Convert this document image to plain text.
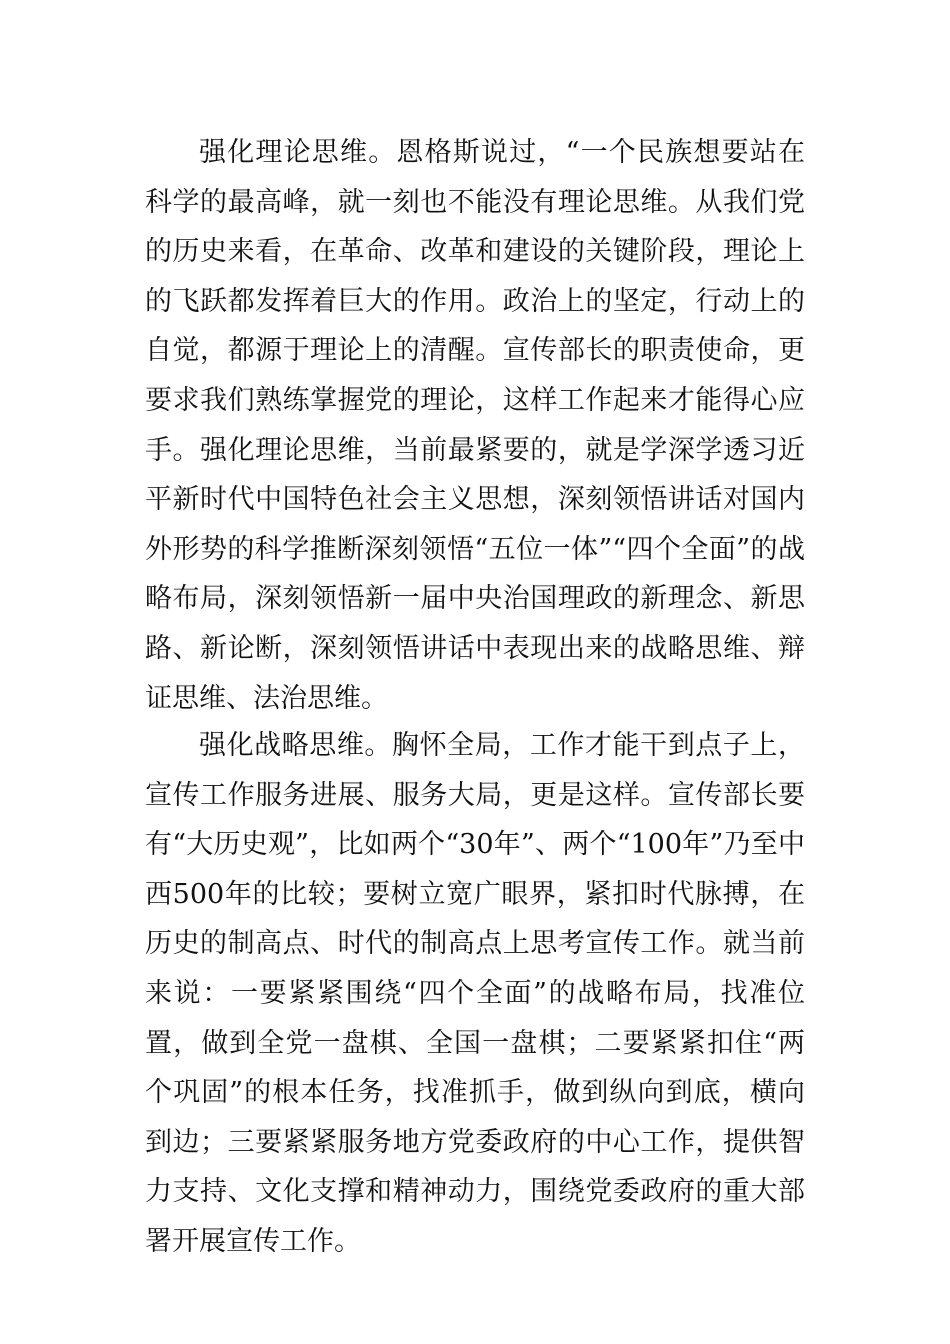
强化理论思维。恩格斯说过，“一个民族想要站在科学的最高峰，就一刻也不能没有理论思维。从我们党的历史来看，在革命、改革和建设的关键阶段，理论上的飞跃都发挥着巨大的作用。政治上的坚定，行动上的自觉，都源于理论上的清醒。宣传部长的职责使命，更要求我们熟练掌握党的理论，这样工作起来才能得心应手。强化理论思维，当前最紧要的，就是学深学透习近平新时代中国特色社会主义思想，深刻领悟讲话对国内外形势的科学推断深刻领悟“五位一体”“四个全面”的战略布局，深刻领悟新一届中央治国理政的新理念、新思路、新论断，深刻领悟讲话中表现出来的战略思维、辩证思维、法治思维。

强化战略思维。胸怀全局，工作才能干到点子上，宣传工作服务进展、服务大局，更是这样。宣传部长要有“大历史观”，比如两个“30年”、两个“100年”乃至中西500年的比较；要树立宽广眼界，紧扣时代脉搏，在历史的制高点、时代的制高点上思考宣传工作。就当前来说：一要紧紧围绕“四个全面”的战略布局，找准位置，做到全党一盘棋、全国一盘棋；二要紧紧扣住“两个巩固”的根本任务，找准抓手，做到纵向到底，横向到边；三要紧紧服务地方党委政府的中心工作，提供智力支持、文化支撑和精神动力，围绕党委政府的重大部署开展宣传工作。
